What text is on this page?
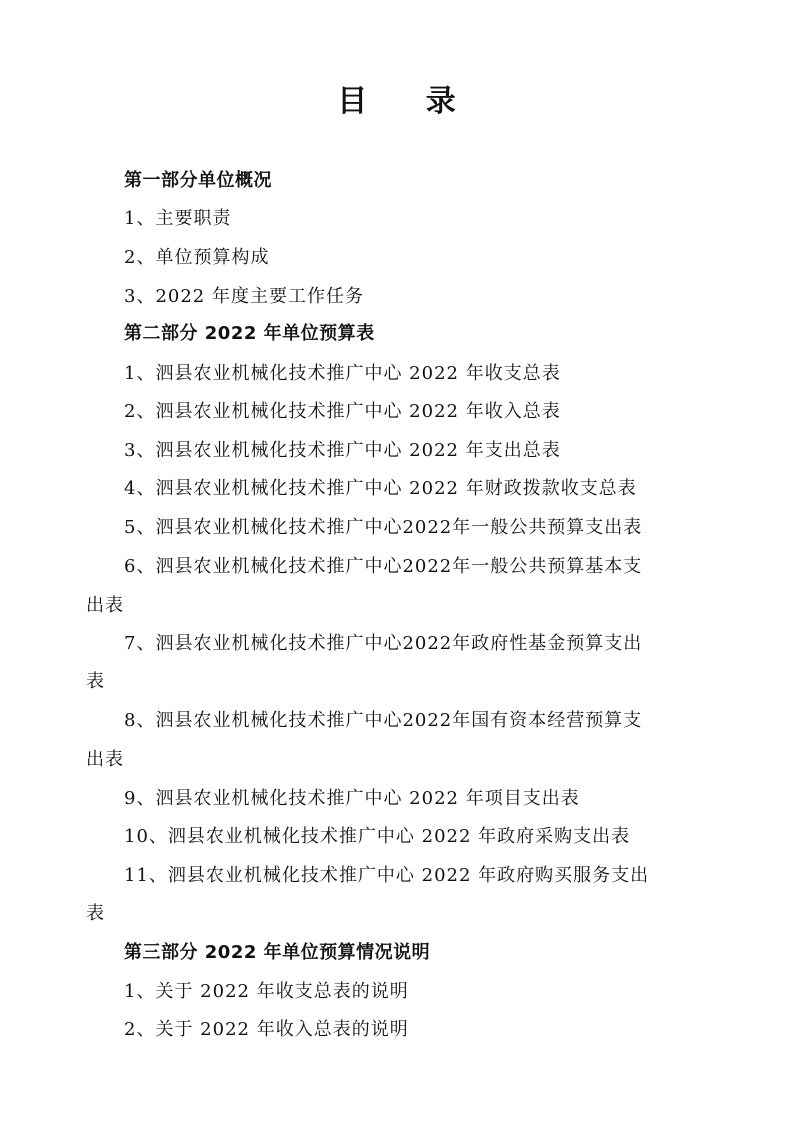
目 录
第一部分单位概况
1、主要职责
2、单位预算构成
3、2022 年度主要工作任务
第二部分 2022 年单位预算表
1、泗县农业机械化技术推广中心 2022 年收支总表
2、泗县农业机械化技术推广中心 2022 年收入总表
3、泗县农业机械化技术推广中心 2022 年支出总表
4、泗县农业机械化技术推广中心 2022 年财政拨款收支总表
5、泗县农业机械化技术推广中心2022年一般公共预算支出表
6、泗县农业机械化技术推广中心2022年一般公共预算基本支
出表
7、泗县农业机械化技术推广中心2022年政府性基金预算支出
表
8、泗县农业机械化技术推广中心2022年国有资本经营预算支
出表
9、泗县农业机械化技术推广中心 2022 年项目支出表
10、泗县农业机械化技术推广中心 2022 年政府采购支出表
11、泗县农业机械化技术推广中心 2022 年政府购买服务支出
表
第三部分 2022 年单位预算情况说明
1、关于 2022 年收支总表的说明
2、关于 2022 年收入总表的说明
